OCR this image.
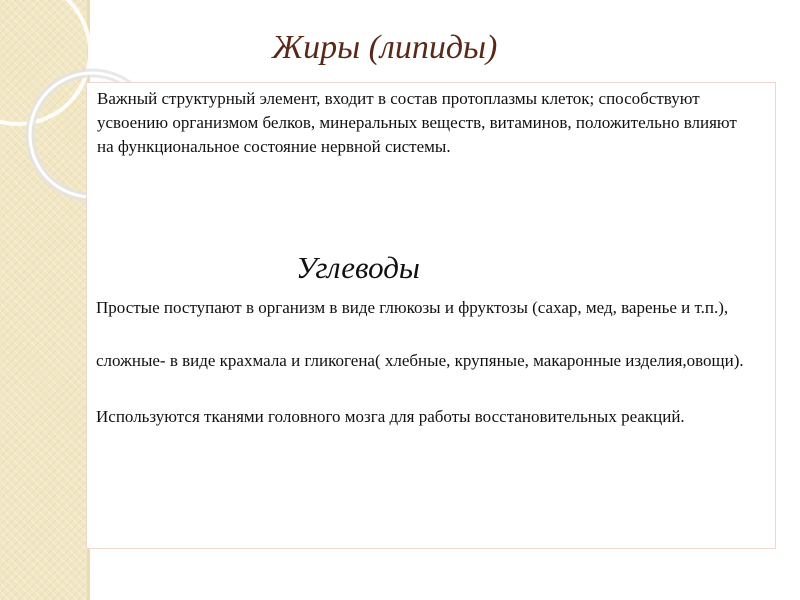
Жиры (липиды)

Важный структурный элемент, входит в состав протоплазмы клеток; способствуют усвоению организмом белков, минеральных веществ, витаминов, положительно влияют на функциональное состояние нервной системы.

Углеводы

Простые поступают в организм в виде глюкозы и фруктозы (сахар, мед, варенье и т.п.),

сложные- в виде крахмала и гликогена( хлебные, крупяные, макаронные изделия,овощи).

Используются тканями головного мозга для работы восстановительных реакций.
